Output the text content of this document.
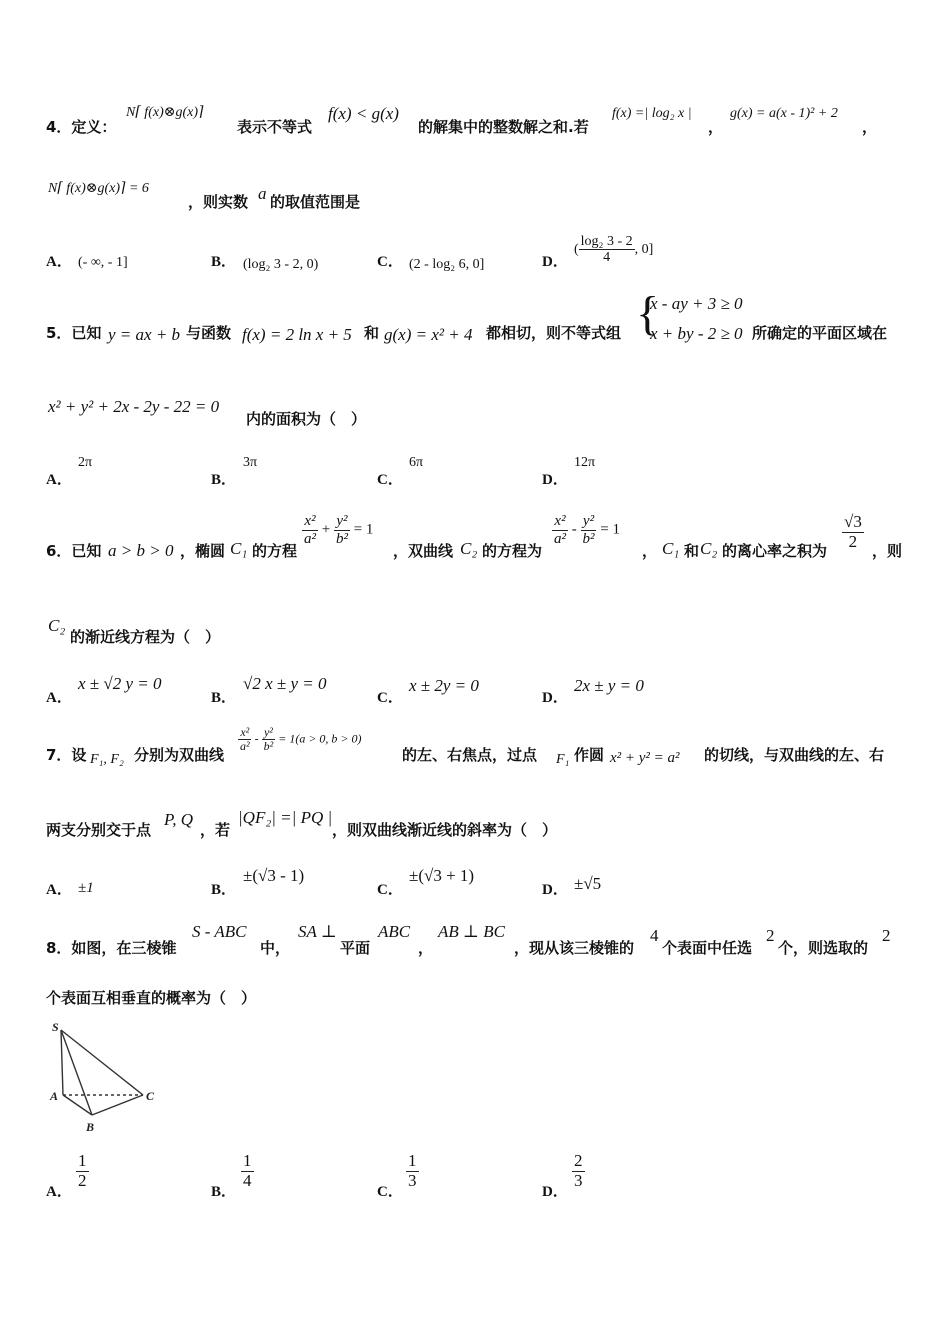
4．定义：
N⌈ f(x)⊗g(x)⌉
表示不等式
f(x) < g(x)
的解集中的整数解之和.若
f(x) =| log₂ x |
，
g(x) = a(x - 1)² + 2
，
N⌈ f(x)⊗g(x)⌉ = 6
，则实数 a 的取值范围是
A． (- ∞, - 1]	B． (log₂ 3 - 2, 0)	C． (2 - log₂ 6, 0]	D．
( $\frac{\text{log₂ 3 - 2}}{4}$ , 0]
5．已知 y = ax + b 与函数 f(x) = 2 ln x + 5 和 g(x) = x² + 4 都相切，则不等式组 {
x - ay + 3 ≥ 0
x + by - 2 ≥ 0 所确定的平面区域在
x² + y² + 2x - 2y - 22 = 0
内的面积为（　）
A．
2π
B．
3π
C．
6π
D．
12π
6．已知 a > b > 0 ，椭圆 C₁ 的方程
$\frac{\text{x²}}{\text{a²}} + \frac{\text{y²}}{\text{b²}} = 1$
，双曲线 C₂ 的方程为
$\frac{\text{x²}}{\text{a²}} - \frac{\text{y²}}{\text{b²}} = 1$
， C₁ 和 C₂ 的离心率之积为 $\frac{√3}{2}$ ，则
C₂
的渐近线方程为（　）
A．
x ± √2 y = 0
B．
√2 x ± y = 0
C．
x ± 2y = 0
D．
2x ± y = 0
7．设 F₁, F₂ 分别为双曲线
$\frac{\text{x²}}{\text{a²}} - \frac{\text{y²}}{\text{b²}} = 1(a > 0$, b > 0)
的左、右焦点，过点 F₁ 作圆 x² + y² = a² 的切线，与双曲线的左、右
两支分别交于点
P, Q
，若
|QF₂| =| PQ |
，则双曲线渐近线的斜率为（　）
A． ±1	B．
±(√3 - 1)
C．
±(√3 + 1)
D． ±√5
8．如图，在三棱锥
S - ABC
中，
SA ⊥
平面
ABC
，
AB ⊥ BC
，现从该三棱锥的
4
个表面中任选
2
个，则选取的
2
个表面互相垂直的概率为（　）
S
A
B
C
A．
$\frac{1}{2}$
B．
$\frac{1}{4}$
C．
$\frac{1}{3}$
D．
$\frac{2}{3}$
